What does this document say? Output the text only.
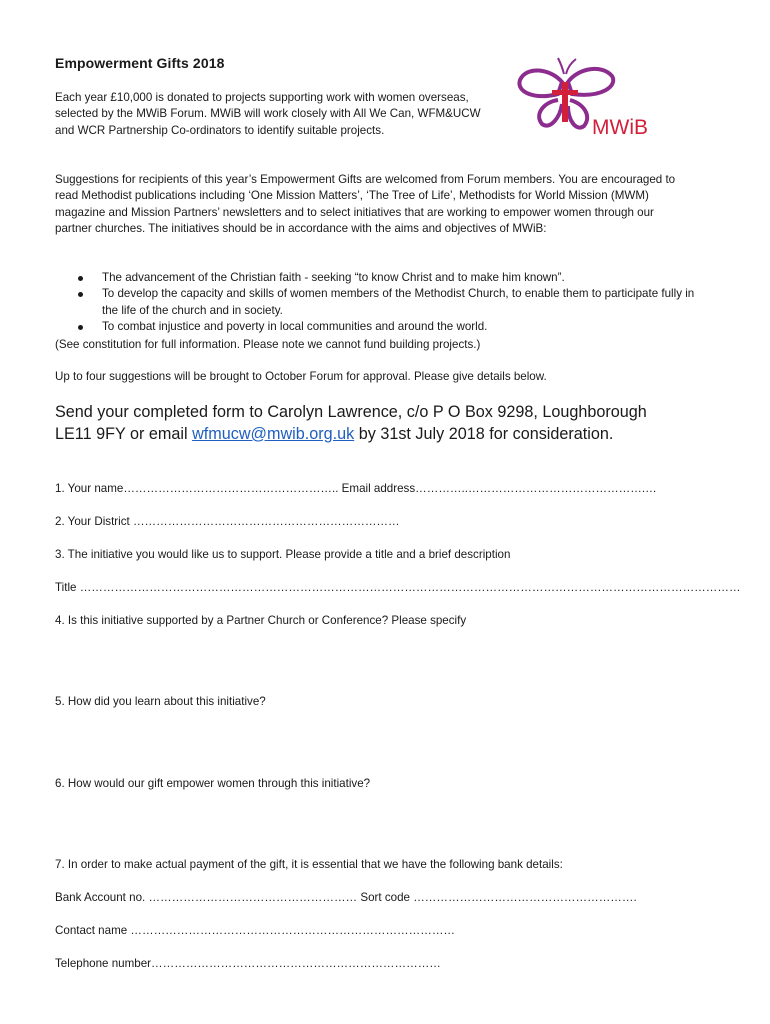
Empowerment Gifts 2018
Each year £10,000 is donated to projects supporting work with women overseas, selected by the MWiB Forum. MWiB will work closely with All We Can, WFM&UCW and WCR Partnership Co-ordinators to identify suitable projects.	MWiB
Suggestions for recipients of this year’s Empowerment Gifts are welcomed from Forum members. You are encouraged to read Methodist publications including ‘One Mission Matters’, ‘The Tree of Life’, Methodists for World Mission (MWM) magazine and Mission Partners’ newsletters and to select initiatives that are working to empower women through our partner churches. The initiatives should be in accordance with the aims and objectives of MWiB:
The advancement of the Christian faith - seeking “to know Christ and to make him known”.
To develop the capacity and skills of women members of the Methodist Church, to enable them to participate fully in the life of the church and in society.
To combat injustice and poverty in local communities and around the world.
(See constitution for full information. Please note we cannot fund building projects.)
Up to four suggestions will be brought to October Forum for approval. Please give details below.
Send your completed form to Carolyn Lawrence, c/o P O Box 9298, Loughborough LE11 9FY or email wfmucw@mwib.org.uk by 31st July 2018 for consideration.
1. Your name……………………………………………….. Email address…………..……………………………………….…
2. Your District ……………………………………………………………
3. The initiative you would like us to support. Please provide a title and a brief description
Title ………………………………………………………………………………………………………………………………………………………
4. Is this initiative supported by a Partner Church or Conference? Please specify
5. How did you learn about this initiative?
6. How would our gift empower women through this initiative?
7. In order to make actual payment of the gift, it is essential that we have the following bank details:
Bank Account no. ……………………………………………… Sort code ………………………………………………….
Contact name …………………………………………………………………………
Telephone number…………………………………………………………………
